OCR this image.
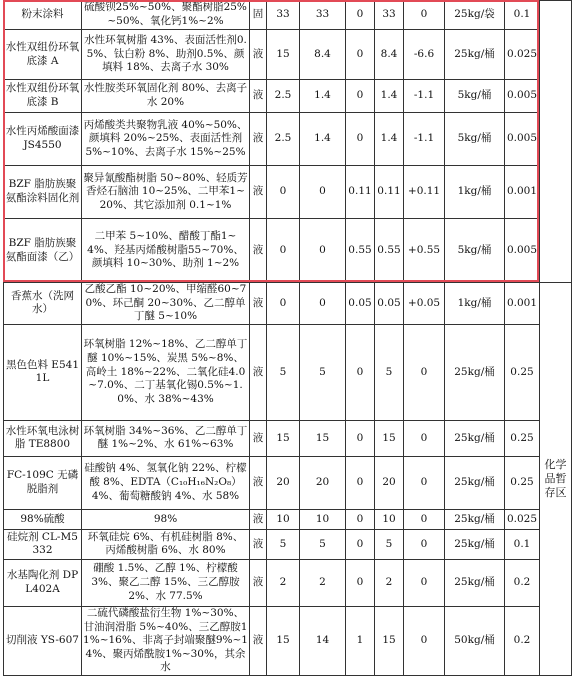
粉末涂料	硫酸钡25%~50%、聚酯树脂25%~50%、氧化钙1%~2%	固	33	33	0	33	0	25kg/袋	0.1	
水性双组份环氧底漆 A	水性环氧树脂 43%、表面活性剂0.5%、钛白粉 8%、助剂0.5%、颜填料 18%、去离子水 30%	液	15	8.4	0	8.4	-6.6	25kg/桶	0.025	
水性双组份环氧底漆 B	水性胺类环氧固化剂 80%、去离子水 20%	液	2.5	1.4	0	1.4	-1.1	5kg/桶	0.005	
水性丙烯酸面漆 JS4550	丙烯酸类共聚物乳液 40%~50%、颜填料 20%~25%、表面活性剂 5%~10%、去离子水 15%~25%	液	2.5	1.4	0	1.4	-1.1	5kg/桶	0.005	
BZF 脂肪族聚氨酯涂料固化剂	聚异氰酸酯树脂 50~80%、轻质芳香烃石脑油 10~25%、二甲苯1~20%、其它添加剂 0.1~1%	液	0	0	0.11	0.11	+0.11	1kg/桶	0.001	
BZF 脂肪族聚氨酯面漆（乙）	二甲苯 5~10%、醋酸丁酯1~4%、羟基丙烯酸树脂55~70%、颜填料 10~30%、助剂 1~2%	液	0	0	0.55	0.55	+0.55	5kg/桶	0.005	
香蕉水（洗网水）	乙酸乙酯 10~20%、甲缩醛60~70%、环己酮 20~30%、乙二醇单丁醚 5~10%	液	0	0	0.05	0.05	+0.05	1kg/桶	0.001	化学品暂存区
黑色色料 E5411L	环氧树脂 12%~18%、乙二醇单丁醚 10%~15%、炭黑 5%~8%、高岭土 18%~22%、二氧化硅4.0~7.0%、二丁基氧化锡0.5%~1.0%、水 38%~43%	液	5	5	0	5	0	25kg/桶	0.25	
水性环氧电泳树脂 TE8800	环氧树脂 34%~36%、乙二醇单丁醚 1%~2%、水 61%~63%	液	15	15	0	15	0	25kg/桶	0.25	
FC-109C 无磷脱脂剂	硅酸钠 4%、氢氧化钠 22%、柠檬酸 8%、EDTA（C₁₀H₁₆N₂O₈）4%、葡萄糖酸钠 4%、水 58%	液	20	20	0	20	0	25kg/桶	0.25	
98%硫酸	98%	液	10	10	0	10	0	25kg/桶	0.025	
硅烷剂 CL-M5332	环氧硅烷 6%、有机硅树脂 8%、丙烯酸树脂 6%、水 80%	液	5	5	0	5	0	25kg/桶	0.1	
水基陶化剂 DPL402A	硼酸 1.5%、乙醇 1%、柠檬酸3%、聚乙二醇 15%、三乙醇胺 2%、水 77.5%	液	2	2	0	2	0	25kg/桶	0.2	
切削液 YS-607	二硫代磷酸盐衍生物 1%~30%、甘油润滑脂 5%~40%、三乙醇胺11%~16%、非离子封端聚醚9%~14%、聚丙烯酰胺1%~30%，其余水	液	15	14	1	15	0	50kg/桶	0.2	
